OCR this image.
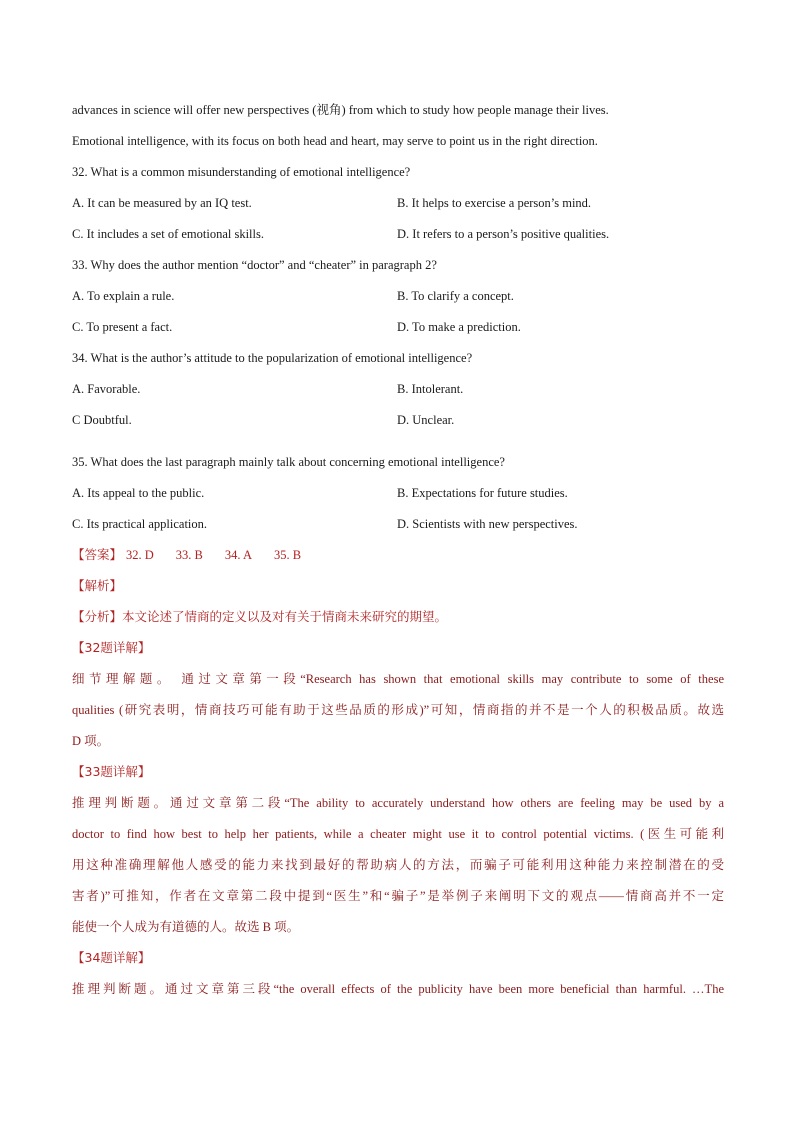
advances in science will offer new perspectives (视角) from which to study how people manage their lives.
Emotional intelligence, with its focus on both head and heart, may serve to point us in the right direction.
32. What is a common misunderstanding of emotional intelligence?
A. It can be measured by an IQ test.	B. It helps to exercise a person’s mind.
C. It includes a set of emotional skills.	D. It refers to a person’s positive qualities.
33. Why does the author mention “doctor” and “cheater” in paragraph 2?
A. To explain a rule.	B. To clarify a concept.
C. To present a fact.	D. To make a prediction.
34. What is the author’s attitude to the popularization of emotional intelligence?
A. Favorable.	B. Intolerant.
C Doubtful.	D. Unclear.
35. What does the last paragraph mainly talk about concerning emotional intelligence?
A. Its appeal to the public.	B. Expectations for future studies.
C. Its practical application.	D. Scientists with new perspectives.
【答案】 32. D 33. B 34. A 35. B
【解析】
【分析】本文论述了情商的定义以及对有关于情商未来研究的期望。
【32题详解】
细节理解题。 通过文章第一段“Research has shown that emotional skills may contribute to some of these
qualities (研究表明，情商技巧可能有助于这些品质的形成)”可知，情商指的并不是一个人的积极品质。故选
D 项。
【33题详解】
推理判断题。通过文章第二段“The ability to accurately understand how others are feeling may be used by a
doctor to find how best to help her patients, while a cheater might use it to control potential victims. (医生可能利
用这种准确理解他人感受的能力来找到最好的帮助病人的方法，而骗子可能利用这种能力来控制潜在的受
害者)”可推知，作者在文章第二段中提到“医生”和“骗子”是举例子来阐明下文的观点——情商高并不一定
能使一个人成为有道德的人。故选 B 项。
【34题详解】
推理判断题。通过文章第三段“the overall effects of the publicity have been more beneficial than harmful. …The
